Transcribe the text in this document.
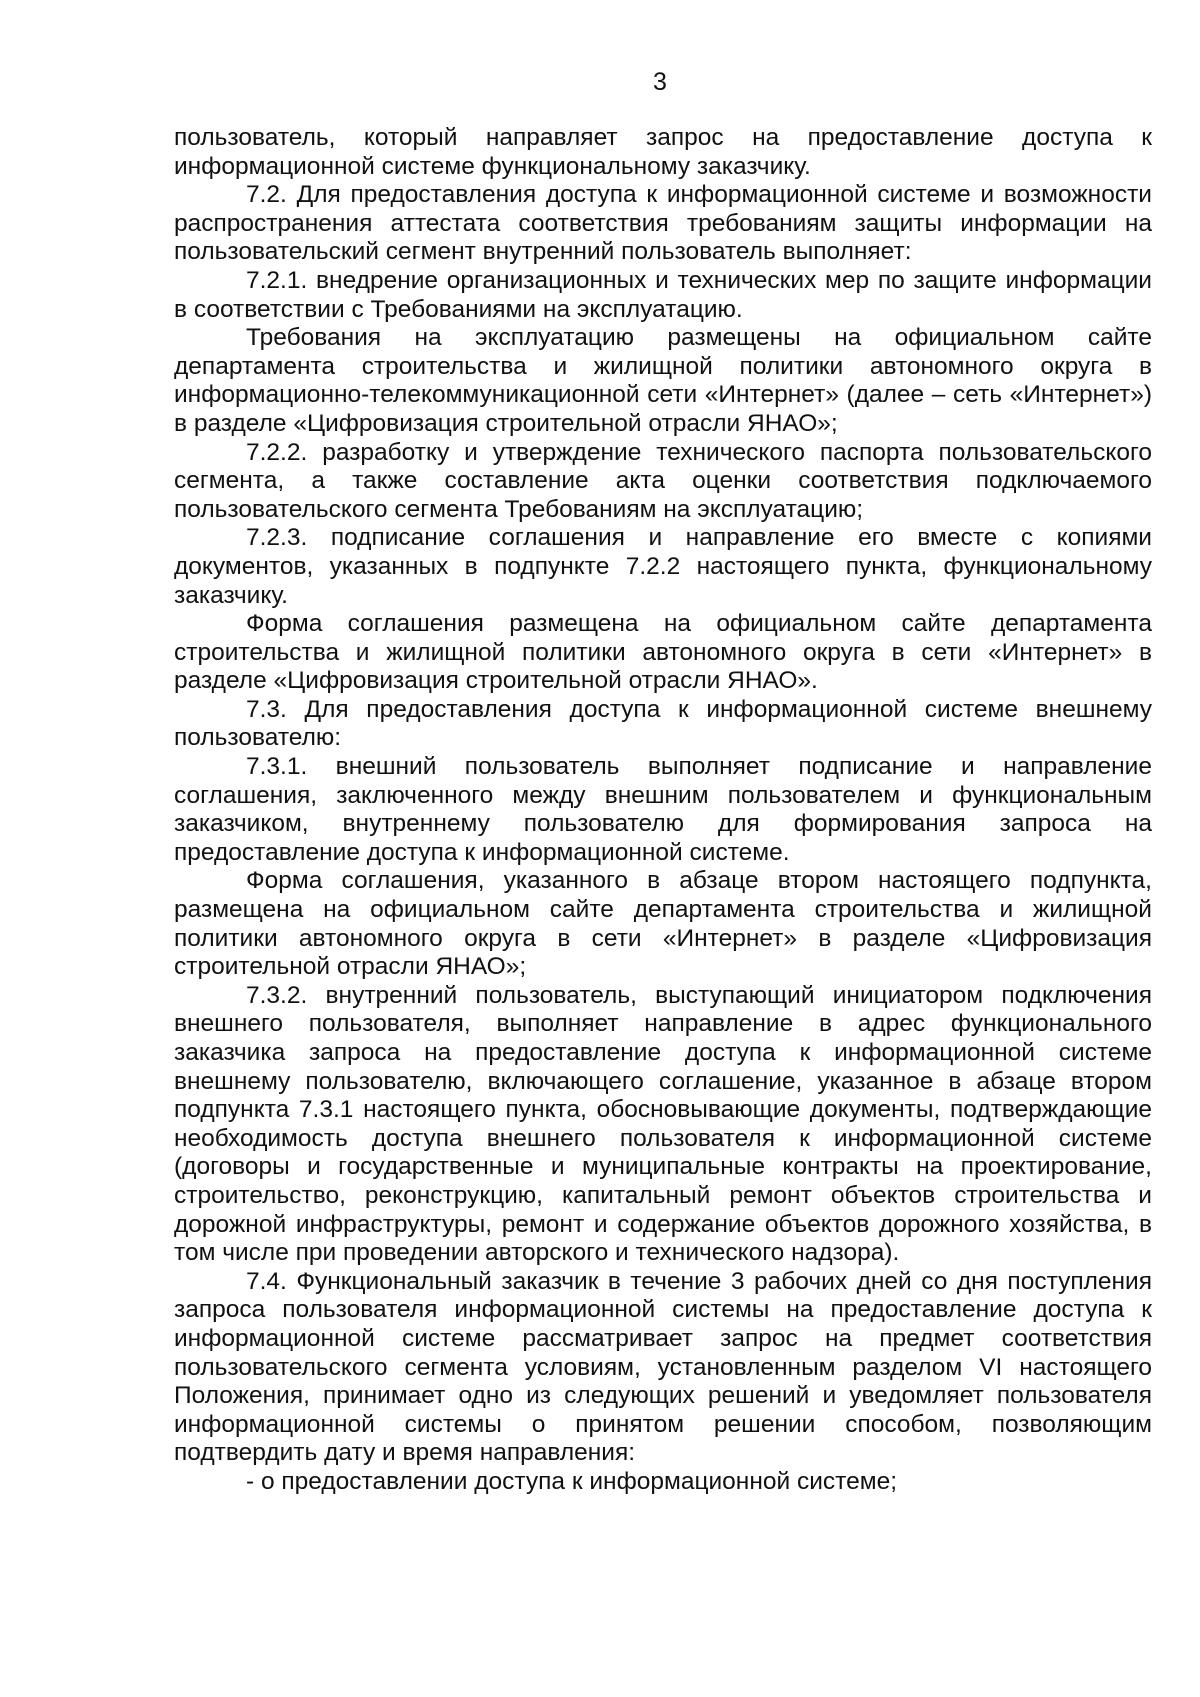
3

пользователь, который направляет запрос на предоставление доступа к информационной системе функциональному заказчику.

7.2. Для предоставления доступа к информационной системе и возможности распространения аттестата соответствия требованиям защиты информации на пользовательский сегмент внутренний пользователь выполняет:

7.2.1. внедрение организационных и технических мер по защите информации в соответствии с Требованиями на эксплуатацию.

Требования на эксплуатацию размещены на официальном сайте департамента строительства и жилищной политики автономного округа в информационно-телекоммуникационной сети «Интернет» (далее – сеть «Интернет») в разделе «Цифровизация строительной отрасли ЯНАО»;

7.2.2. разработку и утверждение технического паспорта пользовательского сегмента, а также составление акта оценки соответствия подключаемого пользовательского сегмента Требованиям на эксплуатацию;

7.2.3. подписание соглашения и направление его вместе с копиями документов, указанных в подпункте 7.2.2 настоящего пункта, функциональному заказчику.

Форма соглашения размещена на официальном сайте департамента строительства и жилищной политики автономного округа в сети «Интернет» в разделе «Цифровизация строительной отрасли ЯНАО».

7.3. Для предоставления доступа к информационной системе внешнему пользователю:

7.3.1. внешний пользователь выполняет подписание и направление соглашения, заключенного между внешним пользователем и функциональным заказчиком, внутреннему пользователю для формирования запроса на предоставление доступа к информационной системе.

Форма соглашения, указанного в абзаце втором настоящего подпункта, размещена на официальном сайте департамента строительства и жилищной политики автономного округа в сети «Интернет» в разделе «Цифровизация строительной отрасли ЯНАО»;

7.3.2. внутренний пользователь, выступающий инициатором подключения внешнего пользователя, выполняет направление в адрес функционального заказчика запроса на предоставление доступа к информационной системе внешнему пользователю, включающего соглашение, указанное в абзаце втором подпункта 7.3.1 настоящего пункта, обосновывающие документы, подтверждающие необходимость доступа внешнего пользователя к информационной системе (договоры и государственные и муниципальные контракты на проектирование, строительство, реконструкцию, капитальный ремонт объектов строительства и дорожной инфраструктуры, ремонт и содержание объектов дорожного хозяйства, в том числе при проведении авторского и технического надзора).

7.4. Функциональный заказчик в течение 3 рабочих дней со дня поступления запроса пользователя информационной системы на предоставление доступа к информационной системе рассматривает запрос на предмет соответствия пользовательского сегмента условиям, установленным разделом VI настоящего Положения, принимает одно из следующих решений и уведомляет пользователя информационной системы о принятом решении способом, позволяющим подтвердить дату и время направления:

- о предоставлении доступа к информационной системе;
